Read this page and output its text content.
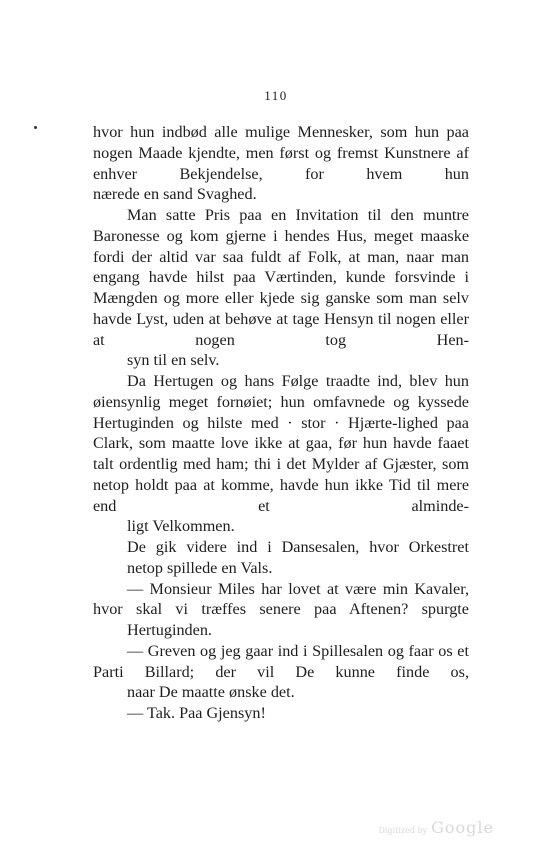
110

hvor hun indbød alle mulige Mennesker, som hun paa nogen Maade kjendte, men først og fremst Kunstnere af enhver Bekjendelse, for hvem hun
nærede en sand Svaghed.

Man satte Pris paa en Invitation til den muntre Baronesse og kom gjerne i hendes Hus, meget maaske fordi der altid var saa fuldt af Folk, at man, naar man engang havde hilst paa Værtinden, kunde forsvinde i Mængden og more eller kjede sig ganske som man selv havde Lyst, uden at behøve at tage Hensyn til nogen eller at nogen tog Hen-
syn til en selv.

Da Hertugen og hans Følge traadte ind, blev hun øiensynlig meget fornøiet; hun omfavnede og kyssede Hertuginden og hilste med · stor · Hjærte-lighed paa Clark, som maatte love ikke at gaa, før hun havde faaet talt ordentlig med ham; thi i det Mylder af Gjæster, som netop holdt paa at komme, havde hun ikke Tid til mere end et alminde-
ligt Velkommen.

De gik videre ind i Dansesalen, hvor Orkestret
netop spillede en Vals.

— Monsieur Miles har lovet at være min Kavaler, hvor skal vi træffes senere paa Aftenen? spurgte
Hertuginden.

— Greven og jeg gaar ind i Spillesalen og faar os et Parti Billard; der vil De kunne finde os,
naar De maatte ønske det.

— Tak. Paa Gjensyn!

Digitized by Google
